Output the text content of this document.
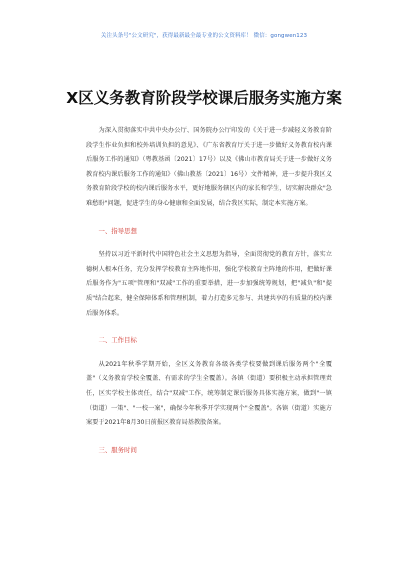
关注头条号"公文研究"，获得最新最全最专业的公文资料库！ 微信：gongwen123
X区义务教育阶段学校课后服务实施方案

为深入贯彻落实中共中央办公厅、国务院办公厅印发的《关于进一步减轻义务教育阶段学生作业负担和校外培训负担的意见》、《广东省教育厅关于进一步做好义务教育校内课后服务工作的通知》（粤教基函〔2021〕17号）以及《佛山市教育局关于进一步做好义务教育校内课后服务工作的通知》（佛山教基〔2021〕16号）文件精神，进一步提升我区义务教育阶段学校的校内课后服务水平，更好地服务辖区内的家长和学生，切实解决群众"急难愁盼"问题，促进学生的身心健康和全面发展，结合我区实际，制定本实施方案。

一、指导思想

坚持以习近平新时代中国特色社会主义思想为指导，全面贯彻党的教育方针，落实立德树人根本任务，充分发挥学校教育主阵地作用，强化学校教育主阵地的作用，把做好课后服务作为"五项"管理和"双减"工作的重要举措，进一步加强统筹规划，把"减负"和"提质"结合起来，健全保障体系和管理机制，着力打造多元参与、共建共享的有质量的校内课后服务体系。

二、工作目标

从2021年秋季学期开始，全区义务教育各级各类学校要做到课后服务两个"全覆盖"（义务教育学校全覆盖、有需求的学生全覆盖）。各镇（街道）要积极主动承担管理责任，区实学校主体责任，结合"双减"工作，统筹制定课后服务具体实施方案，做到"一镇（街道）一策"、"一校一案"，确保今年秋季开学实现两个"全覆盖"。各镇（街道）实施方案要于2021年8月30日前报区教育局基教股备案。

三、服务时间
